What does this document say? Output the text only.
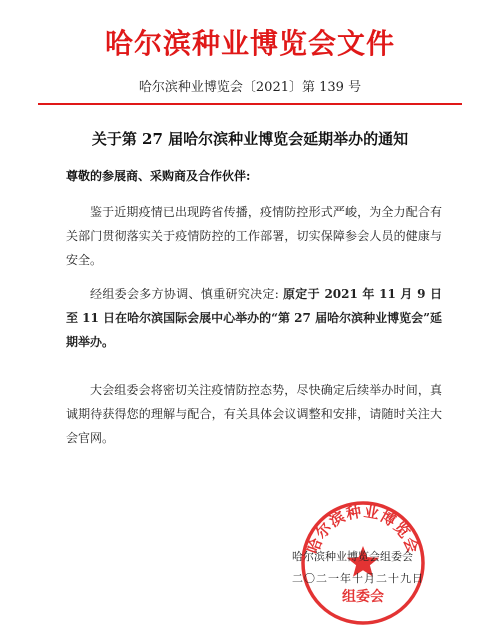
哈尔滨种业博览会文件
哈尔滨种业博览会〔2021〕第 139 号
关于第 27 届哈尔滨种业博览会延期举办的通知
尊敬的参展商、采购商及合作伙伴:

鉴于近期疫情已出现跨省传播，疫情防控形式严峻，为全力配合有关部门贯彻落实关于疫情防控的工作部署，切实保障参会人员的健康与安全。

经组委会多方协调、慎重研究决定: 原定于 2021 年 11 月 9 日至 11 日在哈尔滨国际会展中心举办的“第 27 届哈尔滨种业博览会”延期举办。

大会组委会将密切关注疫情防控态势，尽快确定后续举办时间，真诚期待获得您的理解与配合，有关具体会议调整和安排，请随时关注大会官网。

哈尔滨种业博览会
组委会
哈尔滨种业博览会组委会
二〇二一年十月二十九日
